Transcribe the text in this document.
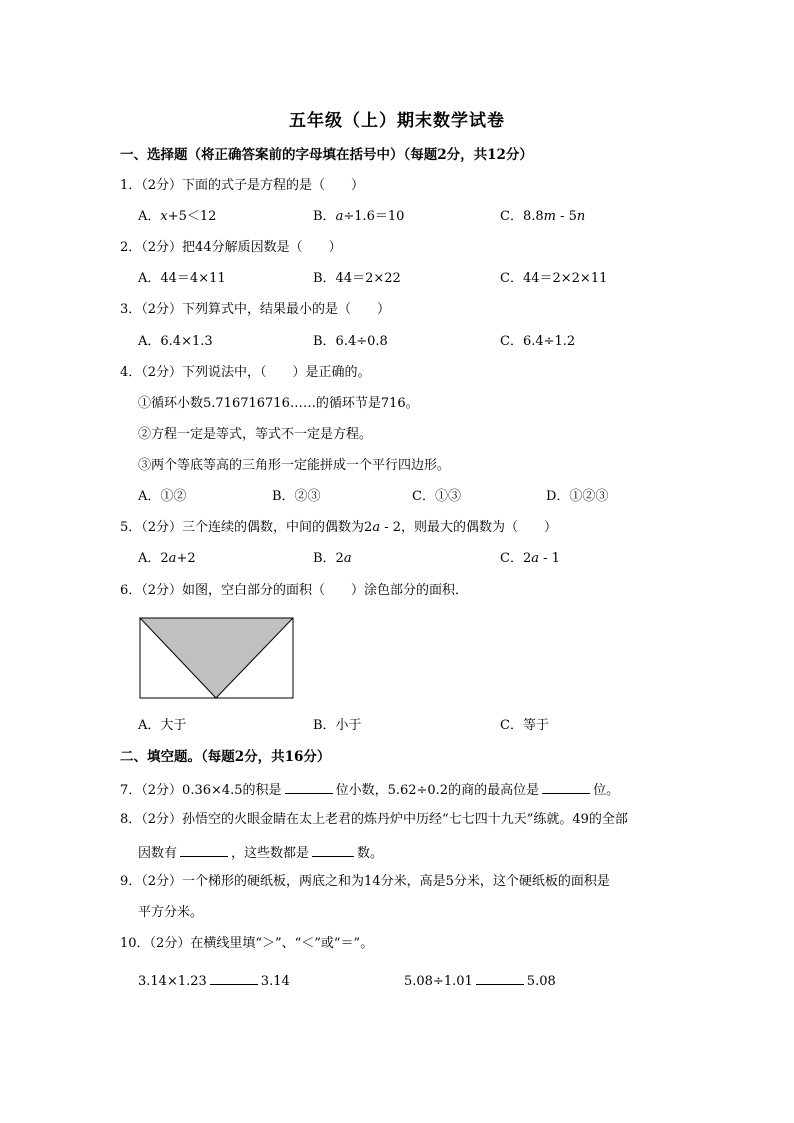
五年级（上）期末数学试卷
一、选择题（将正确答案前的字母填在括号中）（每题2分，共12分）
1．（2分）下面的式子是方程的是（　　）
A．x+5＜12	B．a÷1.6＝10	C．8.8m - 5n
2．（2分）把44分解质因数是（　　）
A．44＝4×11	B．44＝2×22	C．44＝2×2×11
3．（2分）下列算式中，结果最小的是（　　）
A．6.4×1.3	B．6.4÷0.8	C．6.4÷1.2
4．（2分）下列说法中，（　　）是正确的。
①循环小数5.716716716……的循环节是716。
②方程一定是等式，等式不一定是方程。
③两个等底等高的三角形一定能拼成一个平行四边形。
A．①②	B．②③	C．①③	D．①②③
5．（2分）三个连续的偶数，中间的偶数为2a - 2，则最大的偶数为（　　）
A．2a+2	B．2a	C．2a - 1
6．（2分）如图，空白部分的面积（　　）涂色部分的面积．
A．大于	B．小于	C．等于
二、填空题。（每题2分，共16分）
7．（2分）0.36×4.5的积是	位小数，5.62÷0.2的商的最高位是	位。
8．（2分）孙悟空的火眼金睛在太上老君的炼丹炉中历经“七七四十九天”练就。49的全部
因数有	，这些数都是	数。
9．（2分）一个梯形的硬纸板，两底之和为14分米，高是5分米，这个硬纸板的面积是
平方分米。
10．（2分）在横线里填“＞”、“＜”或“＝”。
3.14×1.23	3.14	5.08÷1.01	5.08
